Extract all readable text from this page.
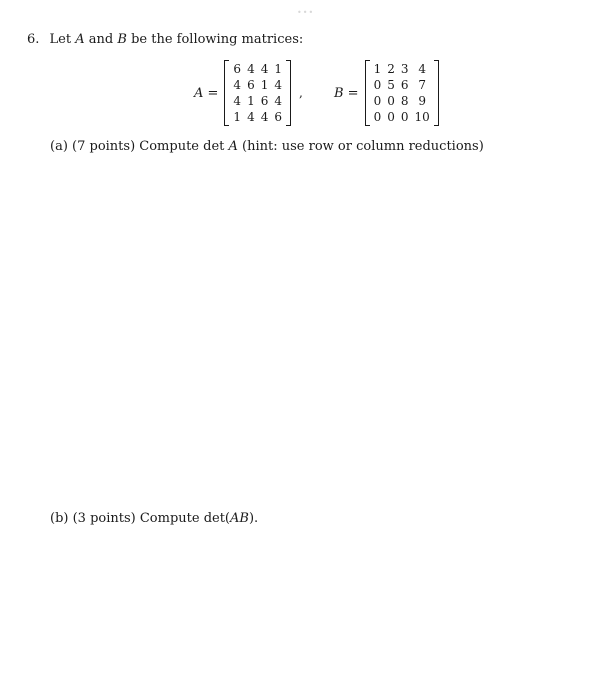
•••
6. Let A and B be the following matrices:
A =
6	4	4	1
4	6	1	4
4	1	6	4
1	4	4	6
, B =
1	2	3	4
0	5	6	7
0	0	8	9
0	0	0	10
(a) (7 points) Compute det A (hint: use row or column reductions)
(b) (3 points) Compute det(AB).
